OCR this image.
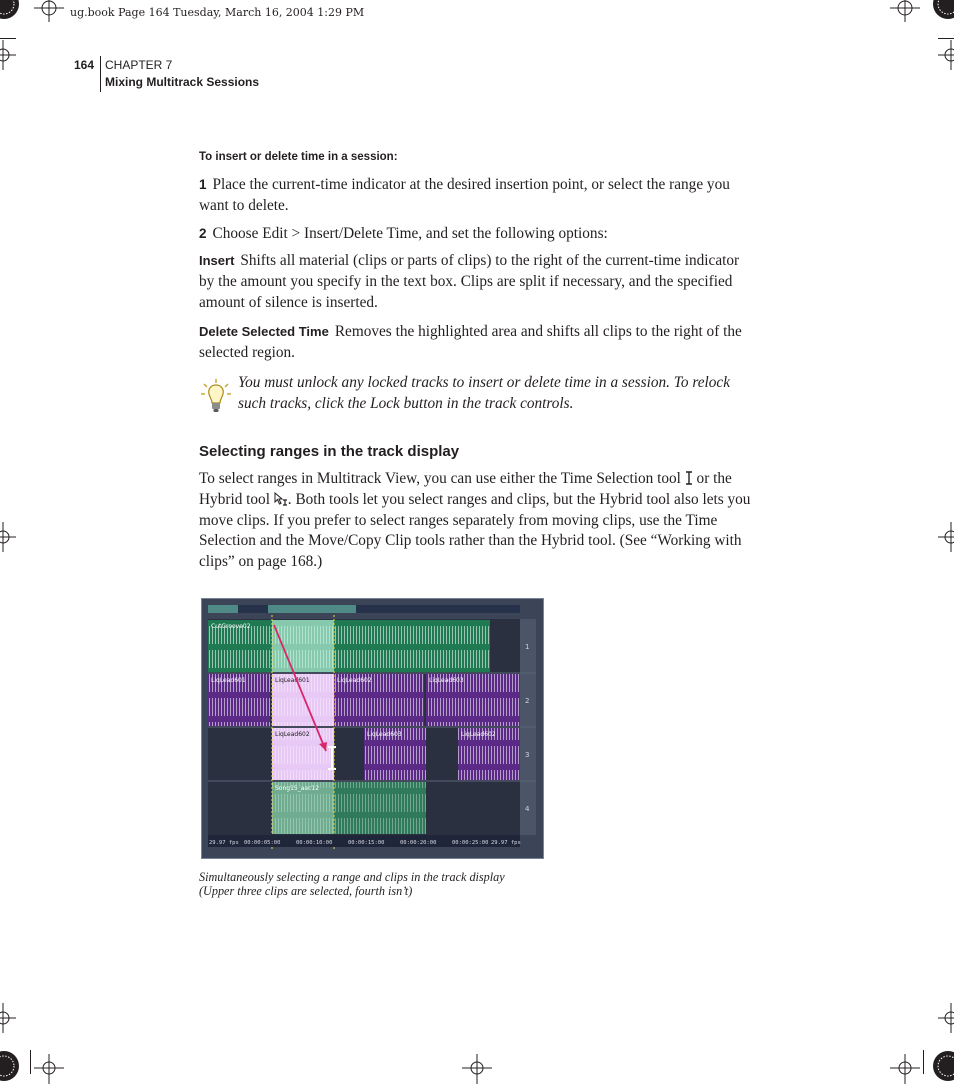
ug.book Page 164 Tuesday, March 16, 2004 1:29 PM
164 CHAPTER 7
Mixing Multitrack Sessions
To insert or delete time in a session:
1 Place the current-time indicator at the desired insertion point, or select the range you want to delete.
2 Choose Edit > Insert/Delete Time, and set the following options:
Insert Shifts all material (clips or parts of clips) to the right of the current-time indicator by the amount you specify in the text box. Clips are split if necessary, and the specified amount of silence is inserted.
Delete Selected Time Removes the highlighted area and shifts all clips to the right of the selected region.
You must unlock any locked tracks to insert or delete time in a session. To relock such tracks, click the Lock button in the track controls.
Selecting ranges in the track display
To select ranges in Multitrack View, you can use either the Time Selection tool or the Hybrid tool . Both tools let you select ranges and clips, but the Hybrid tool also lets you move clips. If you prefer to select ranges separately from moving clips, use the Time Selection and the Move/Copy Clip tools rather than the Hybrid tool. (See “Working with clips” on page 168.)
1
2
3
4
CutGroove02
LiqLead601	LiqLead601	LiqLead602	LiqLead603
LiqLead602	LiqLead603	LiqLead602
Song15_aac12
29.97 fps 00:00:05:00	00:00:10:00	00:00:15:00	00:00:20:00	00:00:25:00 29.97 fps
Simultaneously selecting a range and clips in the track display
(Upper three clips are selected, fourth isn’t)
